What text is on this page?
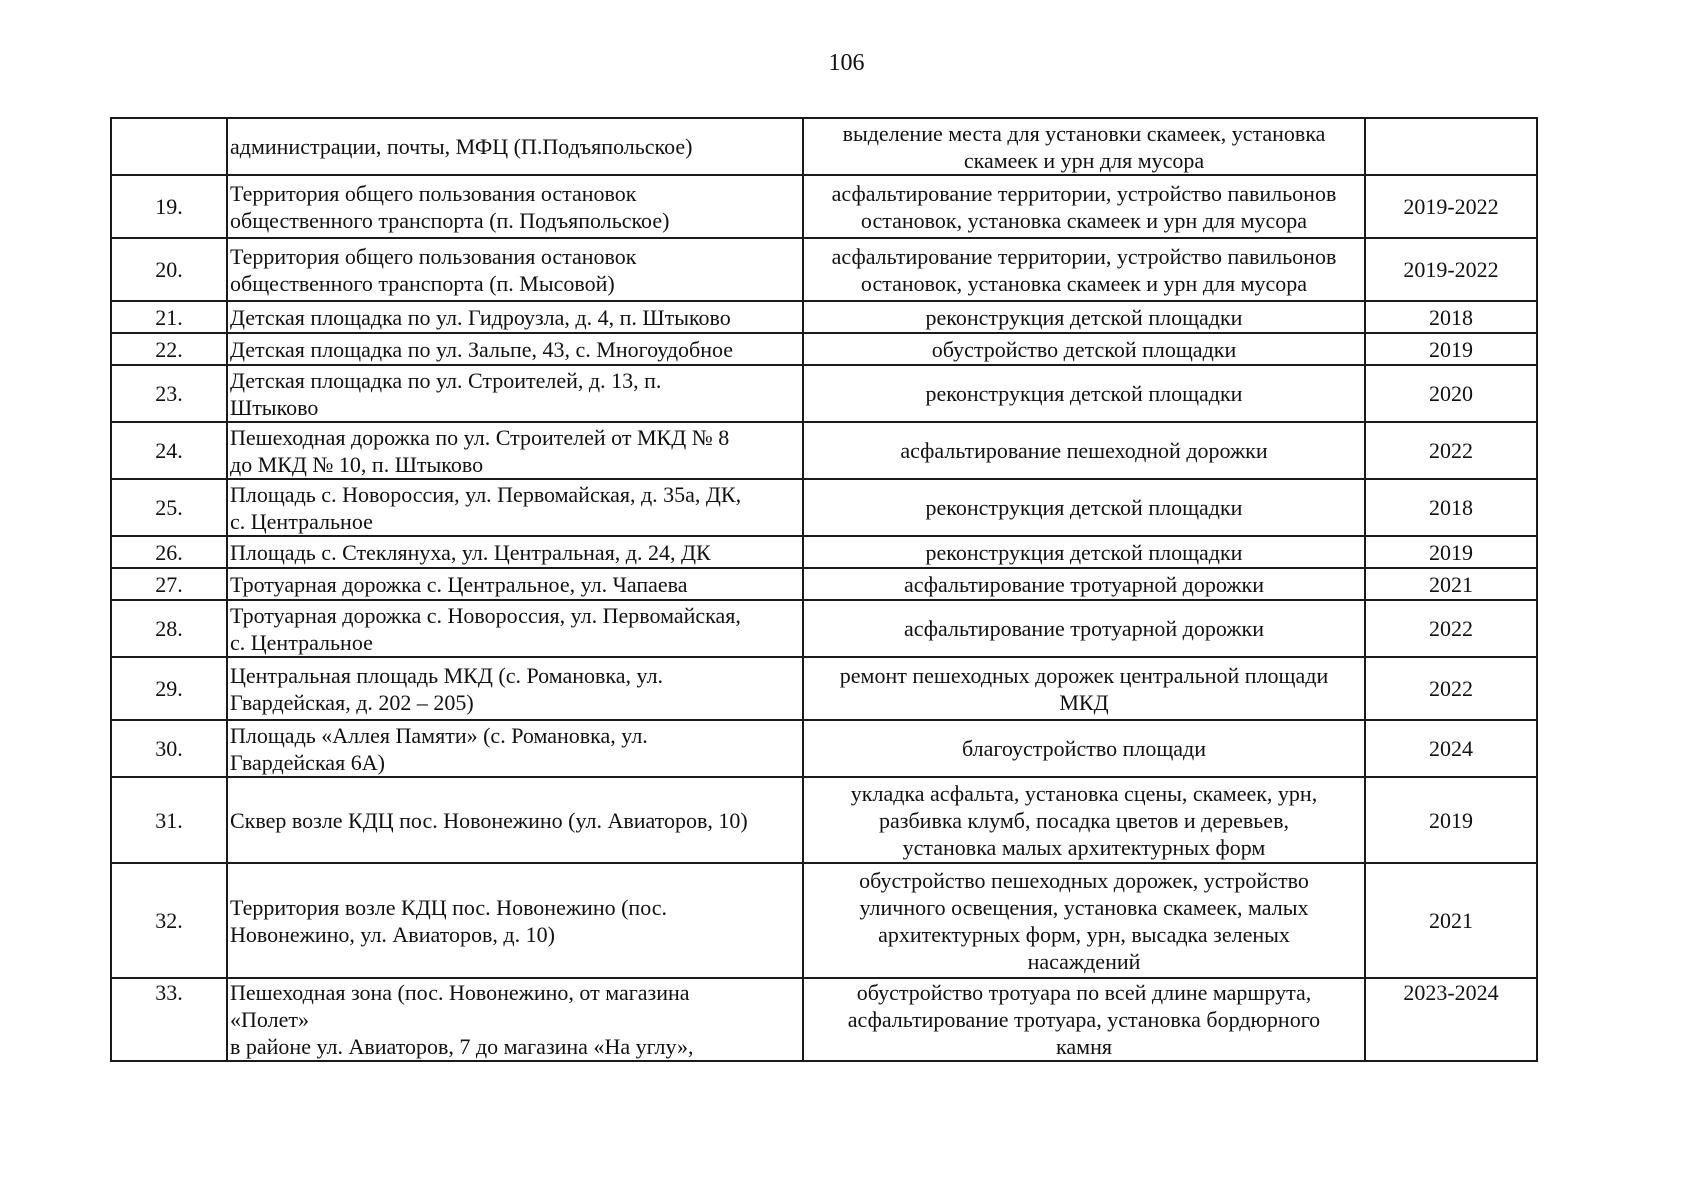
106
	администрации, почты, МФЦ (П.Подъяпольское)	выделение места для установки скамеек, установка
скамеек и урн для мусора	
19.	Территория общего пользования остановок
общественного транспорта (п. Подъяпольское)	асфальтирование территории, устройство павильонов
остановок, установка скамеек и урн для мусора	2019-2022
20.	Территория общего пользования остановок
общественного транспорта (п. Мысовой)	асфальтирование территории, устройство павильонов
остановок, установка скамеек и урн для мусора	2019-2022
21.	Детская площадка по ул. Гидроузла, д. 4, п. Штыково	реконструкция детской площадки	2018
22.	Детская площадка по ул. Зальпе, 43, с. Многоудобное	обустройство детской площадки	2019
23.	Детская площадка по ул. Строителей, д. 13, п.
Штыково	реконструкция детской площадки	2020
24.	Пешеходная дорожка по ул. Строителей от МКД № 8
до МКД № 10, п. Штыково	асфальтирование пешеходной дорожки	2022
25.	Площадь с. Новороссия, ул. Первомайская, д. 35а, ДК,
с. Центральное	реконструкция детской площадки	2018
26.	Площадь с. Стеклянуха, ул. Центральная, д. 24, ДК	реконструкция детской площадки	2019
27.	Тротуарная дорожка с. Центральное, ул. Чапаева	асфальтирование тротуарной дорожки	2021
28.	Тротуарная дорожка с. Новороссия, ул. Первомайская,
с. Центральное	асфальтирование тротуарной дорожки	2022
29.	Центральная площадь МКД (с. Романовка, ул.
Гвардейская, д. 202 – 205)	ремонт пешеходных дорожек центральной площади
МКД	2022
30.	Площадь «Аллея Памяти» (с. Романовка, ул.
Гвардейская 6А)	благоустройство площади	2024
31.	Сквер возле КДЦ пос. Новонежино (ул. Авиаторов, 10)	укладка асфальта, установка сцены, скамеек, урн,
разбивка клумб, посадка цветов и деревьев,
установка малых архитектурных форм	2019
32.	Территория возле КДЦ пос. Новонежино (пос.
Новонежино, ул. Авиаторов, д. 10)	обустройство пешеходных дорожек, устройство
уличного освещения, установка скамеек, малых
архитектурных форм, урн, высадка зеленых
насаждений	2021
33.	Пешеходная зона (пос. Новонежино, от магазина
«Полет»
в районе ул. Авиаторов, 7 до магазина «На углу»,	обустройство тротуара по всей длине маршрута,
асфальтирование тротуара, установка бордюрного
камня	2023-2024
